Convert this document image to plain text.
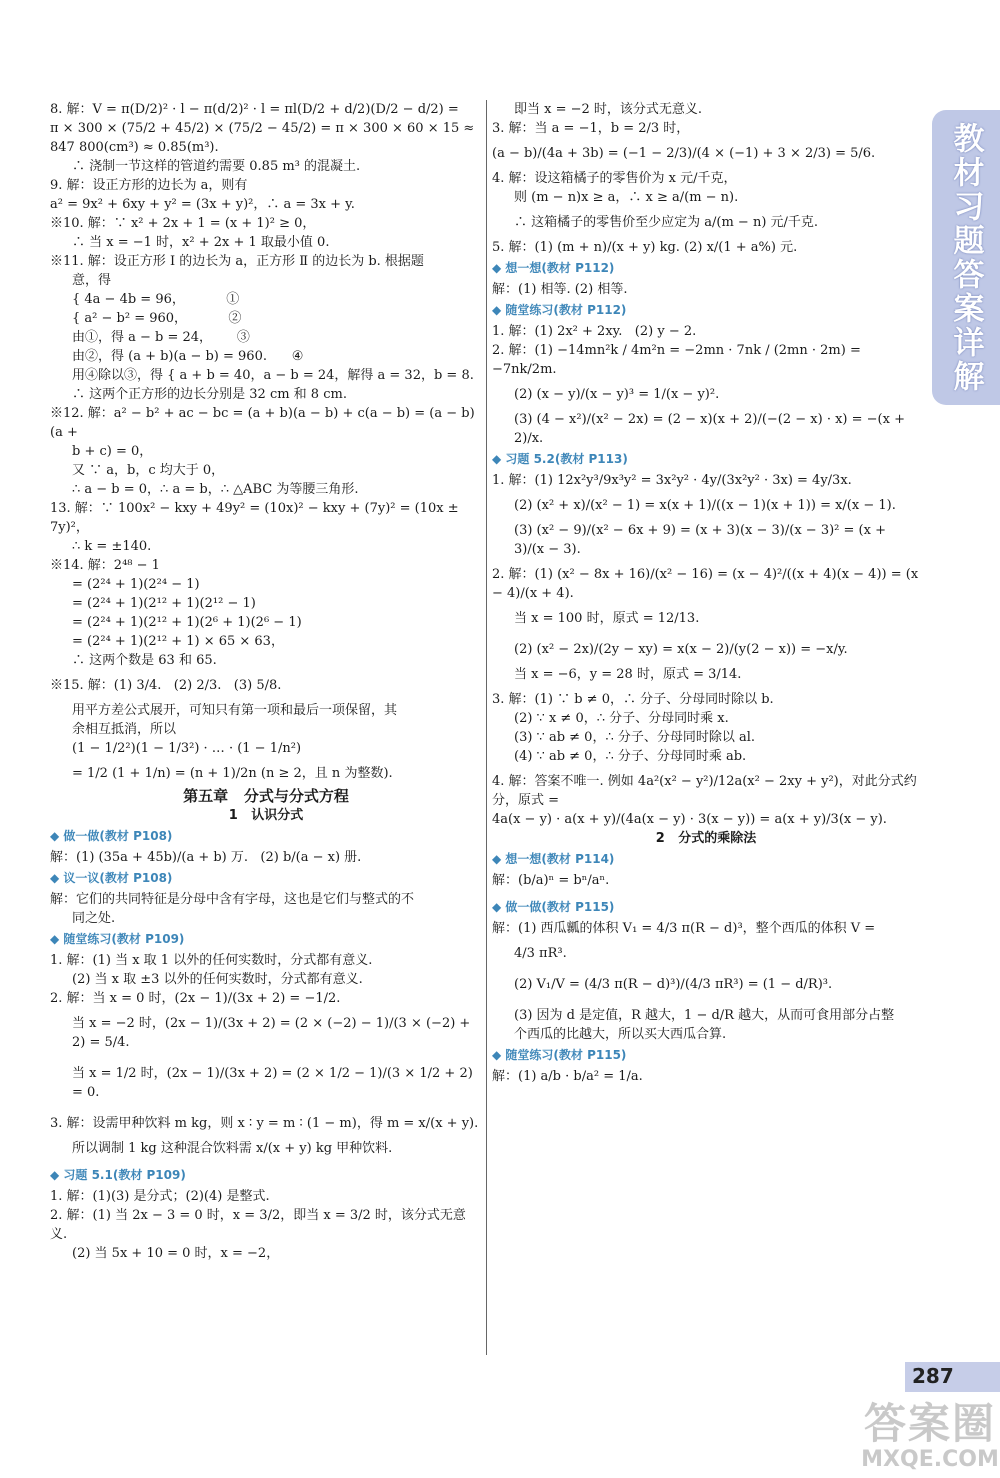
8. 解：V = π(D/2)² · l − π(d/2)² · l = πl(D/2 + d/2)(D/2 − d/2) =
π × 300 × (75/2 + 45/2) × (75/2 − 45/2) = π × 300 × 60 × 15 ≈
847 800(cm³) ≈ 0.85(m³).
∴ 浇制一节这样的管道约需要 0.85 m³ 的混凝土.
9. 解：设正方形的边长为 a，则有
a² = 9x² + 6xy + y² = (3x + y)²，∴ a = 3x + y.
※10. 解：∵ x² + 2x + 1 = (x + 1)² ≥ 0，
∴ 当 x = −1 时，x² + 2x + 1 取最小值 0.
※11. 解：设正方形 Ⅰ 的边长为 a，正方形 Ⅱ 的边长为 b. 根据题
意，得
{ 4a − 4b = 96，          ①
{ a² − b² = 960，          ②
由①，得 a − b = 24，      ③
由②，得 (a + b)(a − b) = 960.      ④
用④除以③，得 { a + b = 40，a − b = 24，解得 a = 32，b = 8.
∴ 这两个正方形的边长分别是 32 cm 和 8 cm.
※12. 解：a² − b² + ac − bc = (a + b)(a − b) + c(a − b) = (a − b)(a +
b + c) = 0，
又 ∵ a，b，c 均大于 0，
∴ a − b = 0，∴ a = b，∴ △ABC 为等腰三角形.
13. 解：∵ 100x² − kxy + 49y² = (10x)² − kxy + (7y)² = (10x ± 7y)²，
∴ k = ±140.
※14. 解：2⁴⁸ − 1
= (2²⁴ + 1)(2²⁴ − 1)
= (2²⁴ + 1)(2¹² + 1)(2¹² − 1)
= (2²⁴ + 1)(2¹² + 1)(2⁶ + 1)(2⁶ − 1)
= (2²⁴ + 1)(2¹² + 1) × 65 × 63，
∴ 这两个数是 63 和 65.
※15. 解：(1) 3/4.   (2) 2/3.   (3) 5/8.
用平方差公式展开，可知只有第一项和最后一项保留，其
余相互抵消，所以
(1 − 1/2²)(1 − 1/3²) · … · (1 − 1/n²)
= 1/2 (1 + 1/n) = (n + 1)/2n (n ≥ 2，且 n 为整数).
第五章   分式与分式方程
1   认识分式
◆ 做一做(教材 P108)
解：(1) (35a + 45b)/(a + b) 万.   (2) b/(a − x) 册.
◆ 议一议(教材 P108)
解：它们的共同特征是分母中含有字母，这也是它们与整式的不
同之处.
◆ 随堂练习(教材 P109)
1. 解：(1) 当 x 取 1 以外的任何实数时，分式都有意义.
(2) 当 x 取 ±3 以外的任何实数时，分式都有意义.
2. 解：当 x = 0 时，(2x − 1)/(3x + 2) = −1/2.
当 x = −2 时，(2x − 1)/(3x + 2) = (2 × (−2) − 1)/(3 × (−2) + 2) = 5/4.
当 x = 1/2 时，(2x − 1)/(3x + 2) = (2 × 1/2 − 1)/(3 × 1/2 + 2) = 0.
3. 解：设需甲种饮料 m kg，则 x ∶ y = m ∶ (1 − m)，得 m = x/(x + y).
所以调制 1 kg 这种混合饮料需 x/(x + y) kg 甲种饮料.
◆ 习题 5.1(教材 P109)
1. 解：(1)(3) 是分式；(2)(4) 是整式.
2. 解：(1) 当 2x − 3 = 0 时，x = 3/2，即当 x = 3/2 时，该分式无意义.
(2) 当 5x + 10 = 0 时，x = −2，
即当 x = −2 时，该分式无意义.
3. 解：当 a = −1，b = 2/3 时，
(a − b)/(4a + 3b) = (−1 − 2/3)/(4 × (−1) + 3 × 2/3) = 5/6.
4. 解：设这箱橘子的零售价为 x 元/千克，
则 (m − n)x ≥ a，∴ x ≥ a/(m − n).
∴ 这箱橘子的零售价至少应定为 a/(m − n) 元/千克.
5. 解：(1) (m + n)/(x + y) kg. (2) x/(1 + a%) 元.
◆ 想一想(教材 P112)
解：(1) 相等. (2) 相等.
◆ 随堂练习(教材 P112)
1. 解：(1) 2x² + 2xy.   (2) y − 2.
2. 解：(1) −14mn²k / 4m²n = −2mn · 7nk / (2mn · 2m) = −7nk/2m.
(2) (x − y)/(x − y)³ = 1/(x − y)².
(3) (4 − x²)/(x² − 2x) = (2 − x)(x + 2)/(−(2 − x) · x) = −(x + 2)/x.
◆ 习题 5.2(教材 P113)
1. 解：(1) 12x²y³/9x³y² = 3x²y² · 4y/(3x²y² · 3x) = 4y/3x.
(2) (x² + x)/(x² − 1) = x(x + 1)/((x − 1)(x + 1)) = x/(x − 1).
(3) (x² − 9)/(x² − 6x + 9) = (x + 3)(x − 3)/(x − 3)² = (x + 3)/(x − 3).
2. 解：(1) (x² − 8x + 16)/(x² − 16) = (x − 4)²/((x + 4)(x − 4)) = (x − 4)/(x + 4).
当 x = 100 时，原式 = 12/13.
(2) (x² − 2x)/(2y − xy) = x(x − 2)/(y(2 − x)) = −x/y.
当 x = −6，y = 28 时，原式 = 3/14.
3. 解：(1) ∵ b ≠ 0，∴ 分子、分母同时除以 b.
(2) ∵ x ≠ 0，∴ 分子、分母同时乘 x.
(3) ∵ ab ≠ 0，∴ 分子、分母同时除以 al.
(4) ∵ ab ≠ 0，∴ 分子、分母同时乘 ab.
4. 解：答案不唯一. 例如 4a²(x² − y²)/12a(x² − 2xy + y²)，对此分式约分，原式 =
4a(x − y) · a(x + y)/(4a(x − y) · 3(x − y)) = a(x + y)/3(x − y).
2   分式的乘除法
◆ 想一想(教材 P114)
解：(b/a)ⁿ = bⁿ/aⁿ.
◆ 做一做(教材 P115)
解：(1) 西瓜瓤的体积 V₁ = 4/3 π(R − d)³，整个西瓜的体积 V =
4/3 πR³.
(2) V₁/V = (4/3 π(R − d)³)/(4/3 πR³) = (1 − d/R)³.
(3) 因为 d 是定值，R 越大，1 − d/R 越大，从而可食用部分占整
个西瓜的比越大，所以买大西瓜合算.
◆ 随堂练习(教材 P115)
解：(1) a/b · b/a² = 1/a.
教材习题答案详解
287
答案圈
MXQE.COM
